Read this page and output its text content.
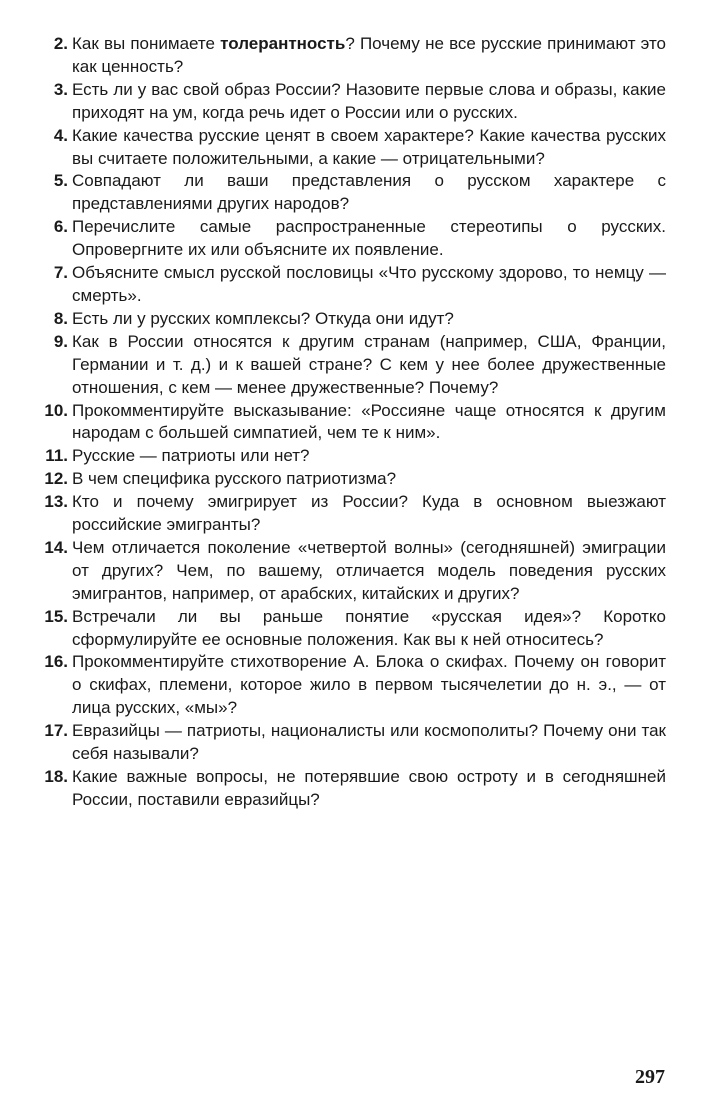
2. Как вы понимаете толерантность? Почему не все русские принимают это как ценность?
3. Есть ли у вас свой образ России? Назовите первые слова и образы, какие приходят на ум, когда речь идет о России или о русских.
4. Какие качества русские ценят в своем характере? Какие качества русских вы считаете положительными, а какие — отрицательными?
5. Совпадают ли ваши представления о русском характере с представлениями других народов?
6. Перечислите самые распространенные стереотипы о русских. Опровергните их или объясните их появление.
7. Объясните смысл русской пословицы «Что русскому здорово, то немцу — смерть».
8. Есть ли у русских комплексы? Откуда они идут?
9. Как в России относятся к другим странам (например, США, Франции, Германии и т. д.) и к вашей стране? С кем у нее более дружественные отношения, с кем — менее дружественные? Почему?
10. Прокомментируйте высказывание: «Россияне чаще относятся к другим народам с большей симпатией, чем те к ним».
11. Русские — патриоты или нет?
12. В чем специфика русского патриотизма?
13. Кто и почему эмигрирует из России? Куда в основном выезжают российские эмигранты?
14. Чем отличается поколение «четвертой волны» (сегодняшней) эмиграции от других? Чем, по вашему, отличается модель поведения русских эмигрантов, например, от арабских, китайских и других?
15. Встречали ли вы раньше понятие «русская идея»? Коротко сформулируйте ее основные положения. Как вы к ней относитесь?
16. Прокомментируйте стихотворение А. Блока о скифах. Почему он говорит о скифах, племени, которое жило в первом тысячелетии до н. э., — от лица русских, «мы»?
17. Евразийцы — патриоты, националисты или космополиты? Почему они так себя называли?
18. Какие важные вопросы, не потерявшие свою остроту и в сегодняшней России, поставили евразийцы?
297
